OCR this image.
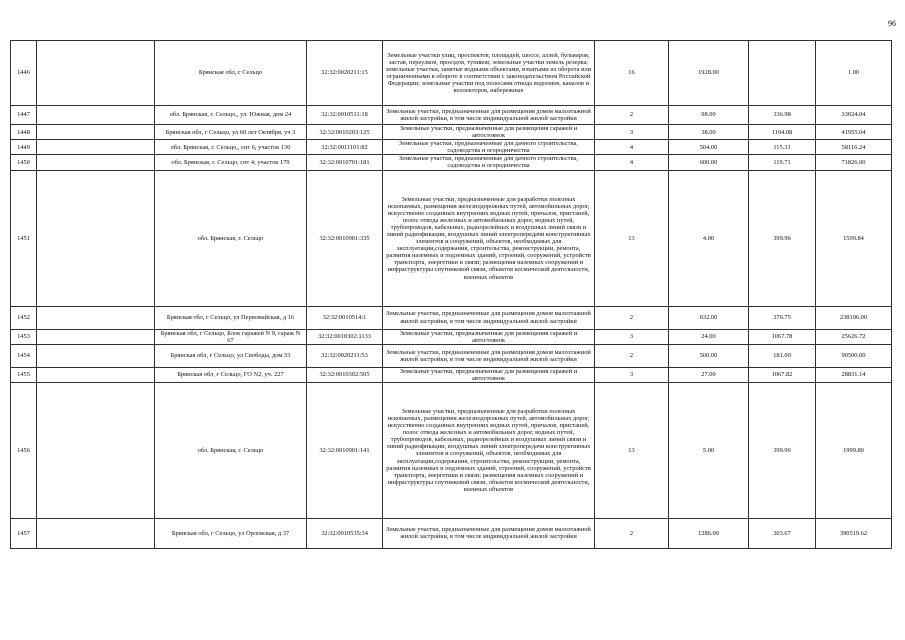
96
1446		Брянская обл, г Сельцо	32:32:0020211:15	Земельные участки улиц, проспектов, площадей, шоссе, аллей, бульваров, застав, переулков, проездов, тупиков; земельные участки земель резерва; земельные участки, занятые водными объектами, изъятыми из оборота или ограниченными в обороте в соответствии с законодательством Российской Федерации; земельные участки под полосами отвода водоемов, каналов и коллекторов, набережные	16	1928.00		1.00
1447		обл. Брянская, г. Сельцо,, ул. Южная, дом 24	32:32:0010511:18	Земельные участки, предназначенные для размещения домов малоэтажной жилой застройки, в том числе индивидуальной жилой застройки	2	98.00	336.98	33024.04
1448		Брянская обл, г Сельцо, ул 60 лет Октября, уч 3	32:32:0010203:125	Земельные участки, предназначенные для размещения гаражей и автостоянок	3	38.00	1104.08	41955.04
1449		обл. Брянская, г. Сельцо,, снт 6, участок 130	32:32:0011101:82	Земельные участки, предназначенные для дачного строительства, садоводства и огородничества	4	504.00	115.31	58116.24
1450		обл. Брянская, г. Сельцо, снт 4, участок 179	32:32:0010701:181	Земельные участки, предназначенные для дачного строительства, садоводства и огородничества	4	600.00	119.71	71826.00
1451		обл. Брянская, г. Сельцо	32:32:0010901:335	Земельные участки, предназначенные для разработки полезных ископаемых, размещения железнодорожных путей, автомобильных дорог, искусственно созданных внутренних водных путей, причалов, пристаней, полос отвода железных и автомобильных дорог, водных путей, трубопроводов, кабельных, радиорелейных и воздушных линий связи и линий радиофикации, воздушных линий электропередачи конструктивных элементов и сооружений, объектов, необходимых для эксплуатации,содержания, строительства, реконструкции, ремонта, развития наземных и подземных зданий, строений, сооружений, устройств транспорта, энергетики и связи; размещения наземных сооружений и инфраструктуры спутниковой связи, объектов космической деятельности, военных объектов	13	4.00	399.96	1599.84
1452		Брянская обл, г Сельцо, ул Первомайская, д 16	32:32:0010514:1	Земельные участки, предназначенные для размещения домов малоэтажной жилой застройки, в том числе индивидуальной жилой застройки	2	632.00	376.75	238106.00
1453		Брянская обл, г Сельцо, Блок гаражей N 9, гараж N 67	32:32:0010302:1133	Земельные участки, предназначенные для размещения гаражей и автостоянок	3	24.00	1067.78	25626.72
1454		Брянская обл, г Сельцо, ул Свободы, дом 33	32:32:0020211:53	Земельные участки, предназначенные для размещения домов малоэтажной жилой застройки, в том числе индивидуальной жилой застройки	2	500.00	181.00	90500.00
1455		Брянская обл, г Сельцо, ГО N2, уч. 227	32:32:0010302:505	Земельные участки, предназначенные для размещения гаражей и автостоянок	3	27.00	1067.82	28831.14
1456		обл. Брянская, г. Сельцо	32:32:0010901:141	Земельные участки, предназначенные для разработки полезных ископаемых, размещения железнодорожных путей, автомобильных дорог, искусственно созданных внутренних водных путей, причалов, пристаней, полос отвода железных и автомобильных дорог, водных путей, трубопроводов, кабельных, радиорелейных и воздушных линий связи и линий радиофикации, воздушных линий электропередачи конструктивных элементов и сооружений, объектов, необходимых для эксплуатации,содержания, строительства, реконструкции, ремонта, развития наземных и подземных зданий, строений, сооружений, устройств транспорта, энергетики и связи; размещения наземных сооружений и инфраструктуры спутниковой связи, объектов космической деятельности, военных объектов	13	5.00	399.96	1999.80
1457		Брянская обл, г Сельцо, ул Орловская, д 37	32:32:0010535:34	Земельные участки, предназначенные для размещения домов малоэтажной жилой застройки, в том числе индивидуальной жилой застройки	2	1286.00	303.67	390519.62
